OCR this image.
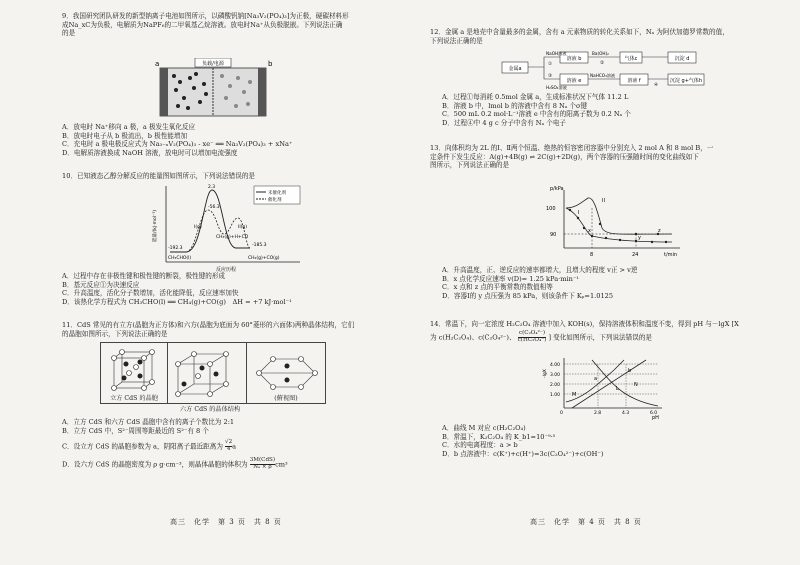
9．我国研究团队研发的新型钠离子电池如图所示，以磷酸钒钠[Na₃V₂(PO₄)₃]为正极，硬碳材料形

成Na_xC为负极，电解质为NaPF₆的二甲氧基乙烷溶液。放电时Na⁺从负极脱嵌。下列说法正确

的是

负载/电源
a	b

A．放电时 Na⁺移向 a 极，a 极发生氧化反应

B．放电时电子从 b 极流出，b 极性能增加

C．充电时 a 极电极反应式为 Na₃₋ₓV₂(PO₄)₃ - xe⁻ ══ Na₃V₂(PO₄)₃ + xNa⁺

D．电解质溶液换成 NaOH 溶液，放电时可以增加电流强度

10．已知液态乙醇分解反应的能量图如图所示，下列说法错误的是

能量/(kJ·mol⁻¹)
反应历程
未催化剂
催化剂
2.3
-56.3
CH₃(g)+H+CO
-192.3
-185.3
CH₃CHO(l)	CH₄(g)+CO(g)
I(g)	II(g)

A．过程中存在非极性键和极性键的断裂，极性键的形成

B．基元反应①为决速反应

C．升高温度，活化分子数增加，活化能降低，反应速率加快

D．该热化学方程式为 CH₃CHO(l) ══ CH₄(g)+CO(g)　ΔH = +7 kJ·mol⁻¹

11．CdS 常见的有立方(晶胞为正方体)和六方(晶胞为底面为 60°菱形的六面体)两种晶体结构，它们

的晶胞如图所示，下列说法正确的是

立方 CdS 的晶胞		(俯视图)
六方 CdS 的晶体结构

A．立方 CdS 和六方 CdS 晶胞中含有的离子个数比为 2:1

B．立方 CdS 中，S²⁻周围等距最近的 S²⁻有 8 个

C．设立方 CdS 的晶胞参数为 a，阴阳离子最近距离为 $\frac{√2}{4}$ a

D．设六方 CdS 的晶胞密度为 ρ g·cm⁻³，则晶体晶胞的体积为
3M(CdS)
Nₐ × ρ cm³

高三　化学　第 3 页　共 8 页

12．金属 a 是地壳中含量最多的金属，含有 a 元素物质的转化关系如下，Nₐ 为阿伏加德罗常数的值，

下列说法正确的是

金属a
溶液 b
溶液 e
气体c
溶液 f
沉淀 d
沉淀 g+气体h
NaOH溶液
H₂SO₄溶液
Ba(OH)₂
NaHCO₃溶液
①	②
③
④

A．过程①每消耗 0.5mol 金属 a，生成标准状况下气体 11.2 L

B．溶液 b 中，lmol b 的溶液中含有 8 Nₐ 个σ键

C．500 mL 0.2 mol·L⁻¹溶液 e 中含有的阳离子数为 0.2 Nₐ 个

D．过程④中 4 g c 分子中含有 Nₐ 个电子

13．向体积均为 2L 的Ⅰ、Ⅱ两个恒温、绝热的恒容密闭容器中分别充入 2 mol A 和 8 mol B，一

定条件下发生反应：A(g)+4B(g) ⇌ 2C(g)+2D(g)，两个容器的压强随时间的变化曲线如下

图所示，下列说法正确的是

p/kPa
t/min
100
90
8	24
I
II
x
y
z

A．升高温度，正、逆反应的速率都增大，且增大的程度 v正 > v逆

B．x 点化学反应速率 v(D)= 1.25 kPa·min⁻¹

C．x 点和 z 点的平衡常数的数值相等

D．容器Ⅰ的 y 点压强为 85 kPa，则该条件下 Kₚ=1.0125

14．常温下，向一定浓度 H₂C₂O₄ 溶液中加入 KOH(s)，保持溶液体积和温度不变，得到 pH 与－lgX [X

为 c(H₂C₂O₄)、c(C₂O₄²⁻)、 $\frac{\text{c(C₂O₄²⁻)}}{\text{c(HC₂O₄⁻)}}$ ] 变化如图所示，下列说法错误的是

-lgX
pH
4.00
3.00
2.00
1.00
0	2.8	4.3	6.0
M
L
N
a
b

A．曲线 M 对应 c(H₂C₂O₄)

B．常温下，K₂C₂O₄ 的 K_b1=10⁻⁹·⁵

C．水的电离程度：a > b

D．b 点溶液中：c(K⁺)+c(H⁺)=3c(C₂O₄²⁻)+c(OH⁻)

高三　化学　第 4 页　共 8 页
